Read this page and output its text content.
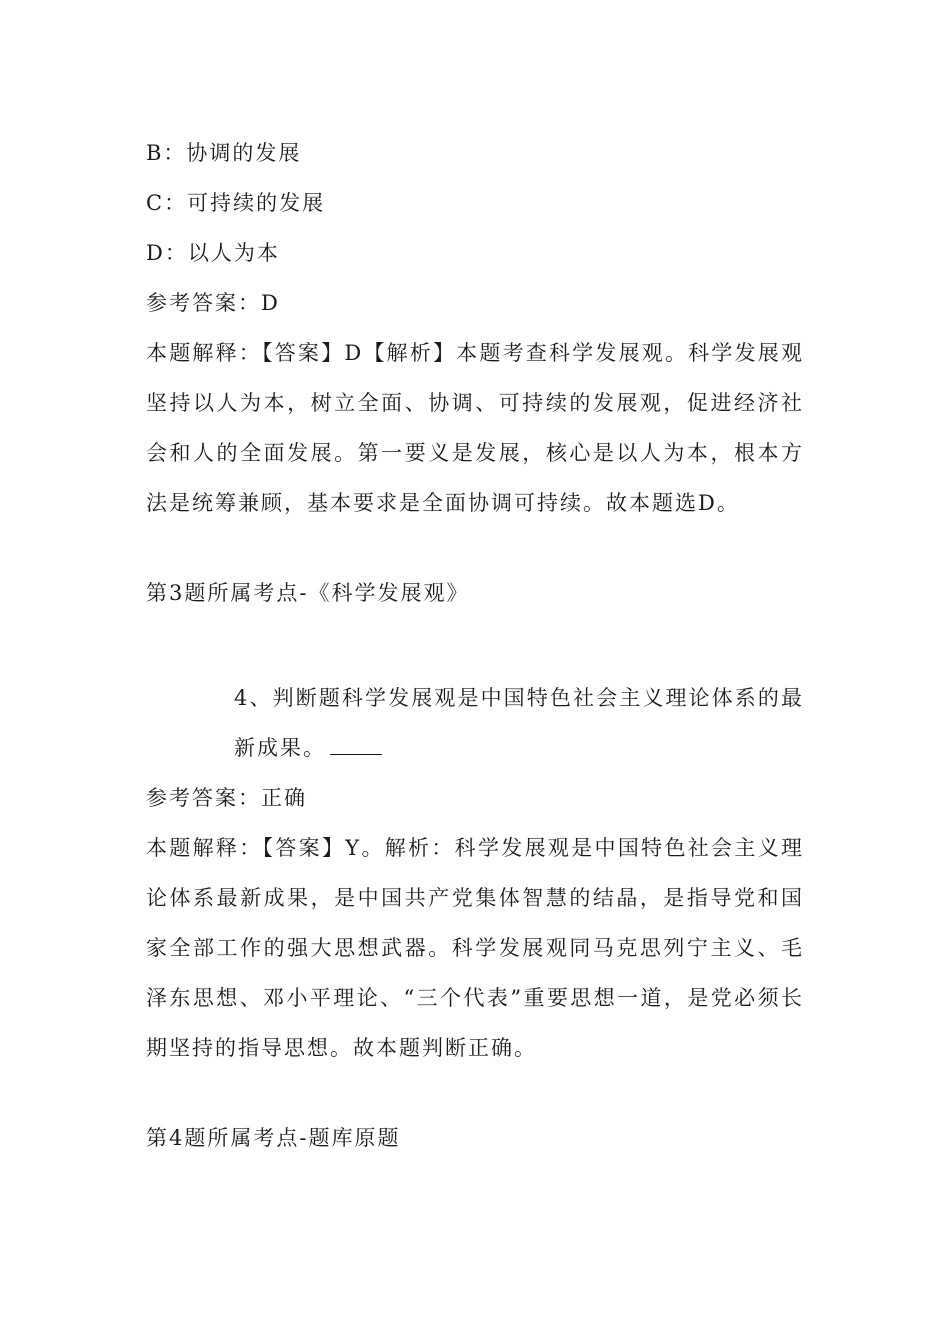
B：协调的发展
C：可持续的发展
D：以人为本
参考答案：D
本题解释：【答案】D【解析】本题考查科学发展观。科学发展观坚持以人为本，树立全面、协调、可持续的发展观，促进经济社会和人的全面发展。第一要义是发展，核心是以人为本，根本方法是统筹兼顾，基本要求是全面协调可持续。故本题选D。
第3题所属考点-《科学发展观》
4、判断题科学发展观是中国特色社会主义理论体系的最新成果。
参考答案：正确
本题解释：【答案】Y。解析：科学发展观是中国特色社会主义理论体系最新成果，是中国共产党集体智慧的结晶，是指导党和国家全部工作的强大思想武器。科学发展观同马克思列宁主义、毛泽东思想、邓小平理论、“三个代表”重要思想一道，是党必须长期坚持的指导思想。故本题判断正确。
第4题所属考点-题库原题
